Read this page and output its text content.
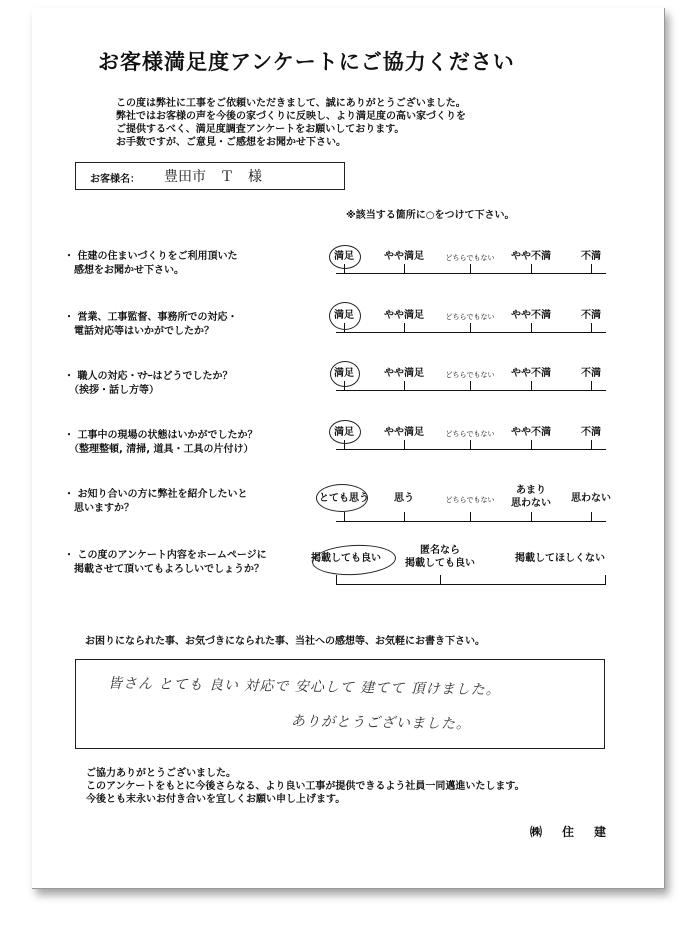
お客様満足度アンケートにご協力ください
この度は弊社に工事をご依頼いただきまして、誠にありがとうございました。
弊社ではお客様の声を今後の家づくりに反映し、より満足度の高い家づくりを
ご提供するべく、満足度調査アンケートをお願いしております。
お手数ですが、ご意見・ご感想をお聞かせ下さい。
お客様名： 豊田市　Ｔ　様
※該当する箇所に○をつけて下さい。
・ 住建の住まいづくりをご利用頂いた
　感想をお聞かせ下さい。
満足	やや満足	どちらでもない やや不満	不満
・ 営業、工事監督、事務所での対応・
　電話対応等はいかがでしたか？
満足	やや満足	どちらでもない やや不満	不満
・ 職人の対応・ﾏﾅｰはどうでしたか？
　（挨拶・話し方等）
満足	やや満足	どちらでもない やや不満	不満
・ 工事中の現場の状態はいかがでしたか？
　（整理整頓, 清掃, 道具・工具の片付け）
満足	やや満足	どちらでもない やや不満	不満
・ お知り合いの方に弊社を紹介したいと
　思いますか？
とても思う	思う	どちらでもない
あまり
思わない 思わない
・ この度のアンケート内容をホームページに
　掲載させて頂いてもよろしいでしょうか？
掲載しても良い
匿名なら
掲載しても良い	掲載してほしくない
お困りになられた事、お気づきになられた事、当社への感想等、お気軽にお書き下さい。
皆さん とても 良い 対応で 安心して 建てて 頂けました。
ありがとうございました。
ご協力ありがとうございました。
このアンケートをもとに今後さらなる、より良い工事が提供できるよう社員一同邁進いたします。
今後とも末永いお付き合いを宜しくお願い申し上げます。
㈱　住　建
